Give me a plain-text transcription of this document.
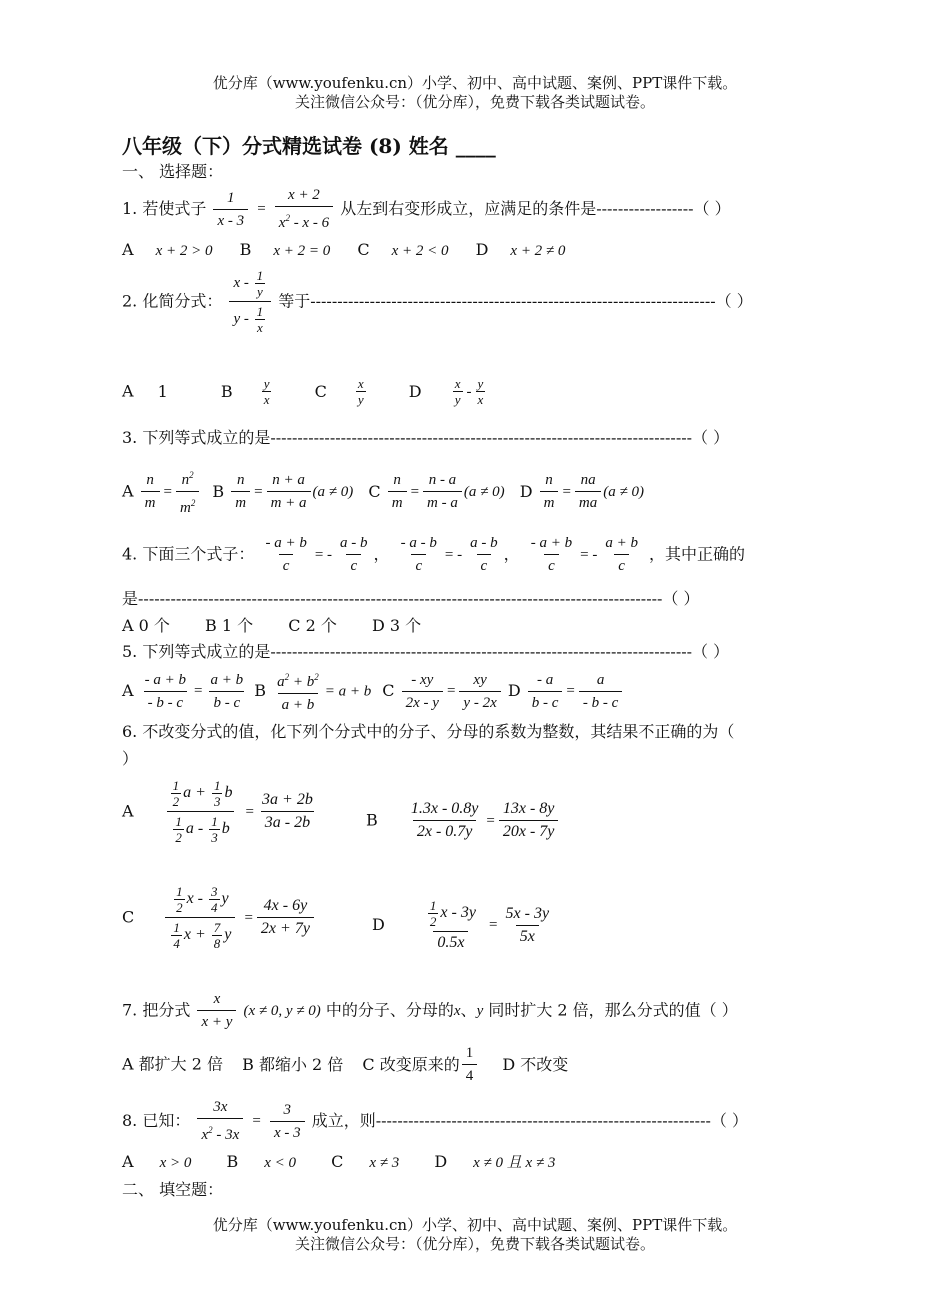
优分库（www.youfenku.cn）小学、初中、高中试题、案例、PPT课件下载。
关注微信公众号：（优分库），免费下载各类试题试卷。
八年级（下）分式精选试卷 (8) 姓名 ____
一、 选择题：
1. 若使式子 $\frac{1}{x - 3} = \frac{x + 2}{x^2 - x - 6}$ 从左到右变形成立，应满足的条件是------------------（ ）
A x + 2 > 0 B x + 2 = 0 C x + 2 < 0 D x + 2 ≠ 0
2. 化简分式： $\frac{x - \frac{1}{y}}{y - \frac{1}{x}}$ 等于---------------------------------------------------------------------------（ ）
A 1	B $\frac{y}{x}$	C $\frac{x}{y}$	D $\frac{x}{y} - \frac{y}{x}$
3. 下列等式成立的是------------------------------------------------------------------------------（ ）
A $\frac{n}{m} = \frac{n^2}{m^2}$ B $\frac{n}{m} = \frac{n + a}{m + a} (a \ne 0)$ C $\frac{n}{m} = \frac{n - a}{m - a} (a \ne 0)$ D $\frac{n}{m} = \frac{na}{ma} (a \ne 0)$
4. 下面三个式子： $\frac{- a + b}{c}$ = - $\frac{a - b}{c}$ ， $\frac{- a - b}{c}$ = - $\frac{a - b}{c}$ ， $\frac{- a + b}{c}$ = - $\frac{a + b}{c}$ ，其中正确的
是-------------------------------------------------------------------------------------------------（ ）
A 0 个 B 1 个 C 2 个 D 3 个
5. 下列等式成立的是------------------------------------------------------------------------------（ ）
A $\frac{- a + b}{- b - c} = \frac{a + b}{b - c}$ B $\frac{a^2 + b^2}{a + b} = a + b$ C $\frac{- xy}{2x - y} = \frac{xy}{y - 2x}$ D $\frac{- a}{b - c} = \frac{a}{- b - c}$
6. 不改变分式的值，化下列个分式中的分子、分母的系数为整数，其结果不正确的为（
）
A $\frac{\frac{1}{2} a + \frac{1}{3} b}{\frac{1}{2} a - \frac{1}{3} b} = \frac{3a + 2b}{3a - 2b}$	B $\frac{1.3x - 0.8y}{2x - 0.7y} = \frac{13x - 8y}{20x - 7y}$
C $\frac{\frac{1}{2} x - \frac{3}{4} y}{\frac{1}{4} x + \frac{7}{8} y} = \frac{4x - 6y}{2x + 7y}$	D	$\frac{\frac{1}{2} x - 3y}{0.5x} = \frac{5x - 3y}{5x}$
7. 把分式 $\frac{x}{x + y} (x \ne 0$, y ≠ 0) 中的分子、分母的x、y 同时扩大 2 倍，那么分式的值（ ）
A 都扩大 2 倍 B 都缩小 2 倍 C 改变原来的 $\frac{1}{4}$ D 不改变
8. 已知： $\frac{3x}{x^2 - 3x} = \frac{3}{x - 3}$ 成立，则--------------------------------------------------------------（ ）
A x > 0 B x < 0 C x ≠ 3 D x ≠ 0 且 x ≠ 3
二、 填空题：
优分库（www.youfenku.cn）小学、初中、高中试题、案例、PPT课件下载。
关注微信公众号：（优分库），免费下载各类试题试卷。
